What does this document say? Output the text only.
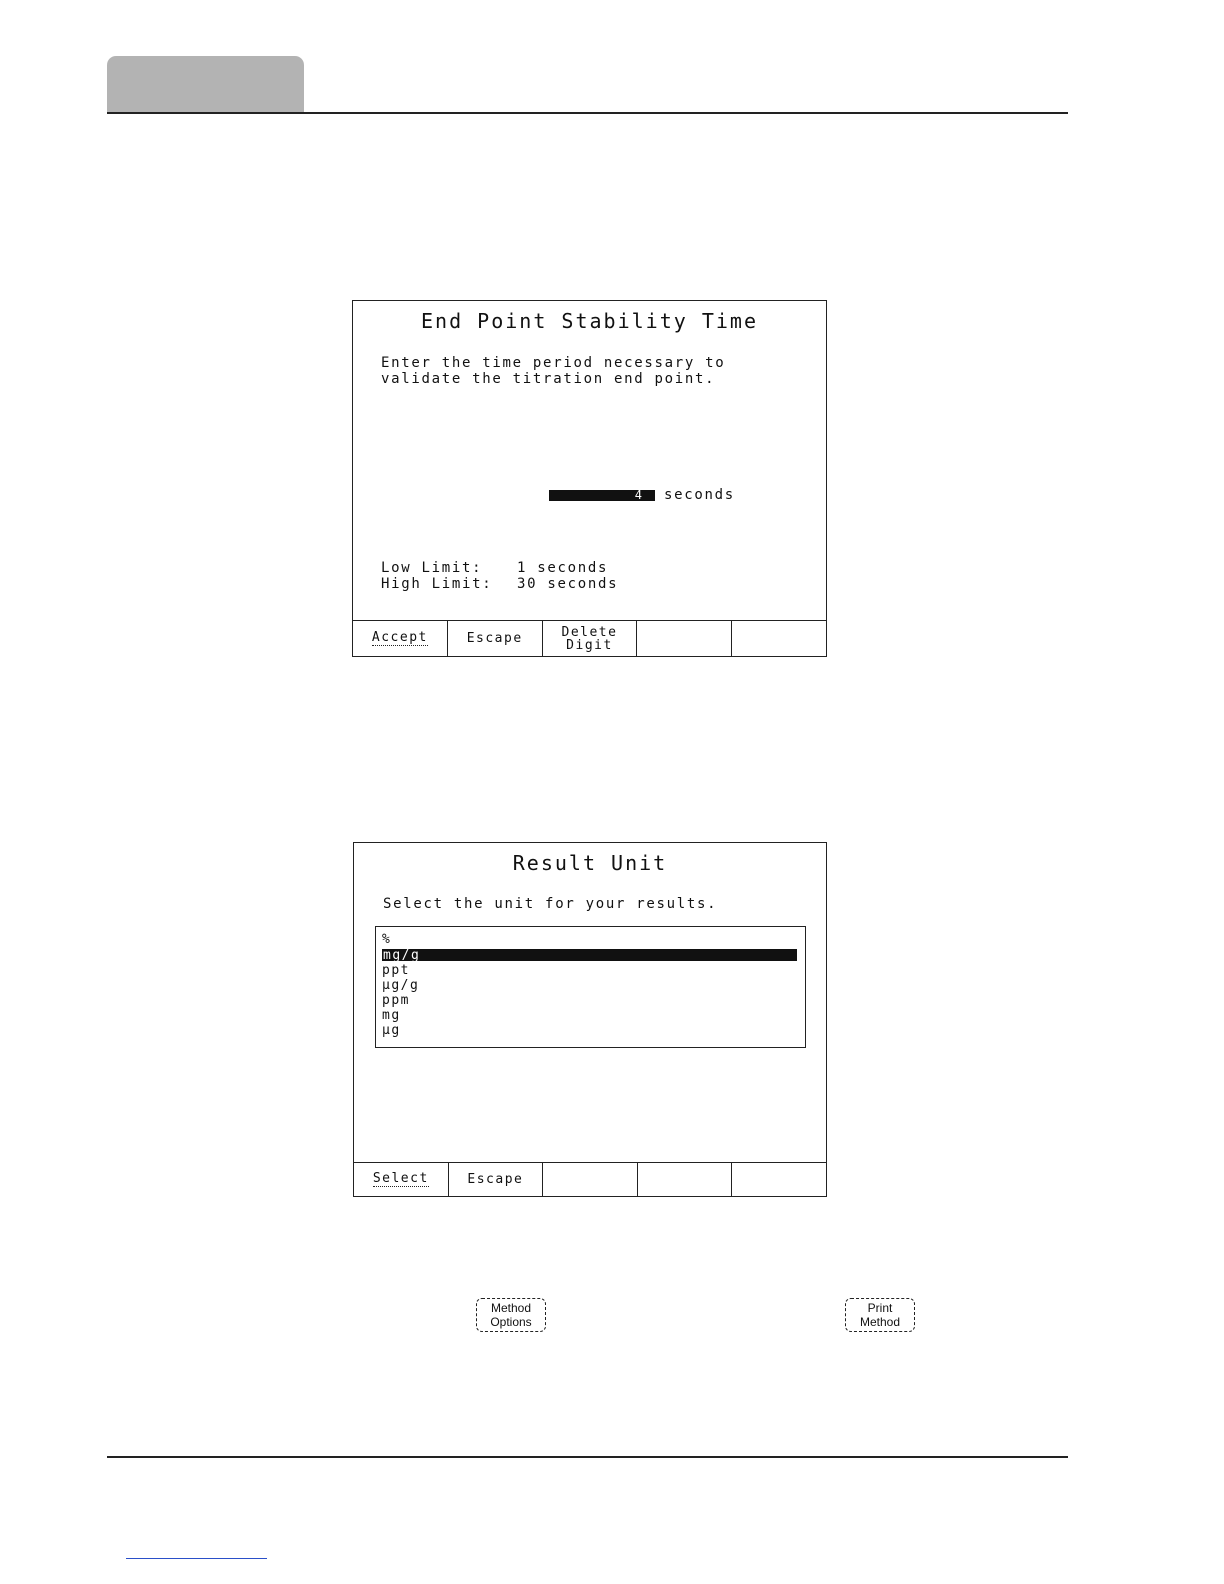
End Point Stability Time
Enter the time period necessary to
validate the titration end point.
4	seconds
Low Limit: 1 seconds
High Limit: 30 seconds
Accept	Escape	Delete
Digit
Result Unit
Select the unit for your results.
%
mg/g
ppt
µg/g
ppm
mg
µg
Select	Escape
Method
Options
Print
Method
